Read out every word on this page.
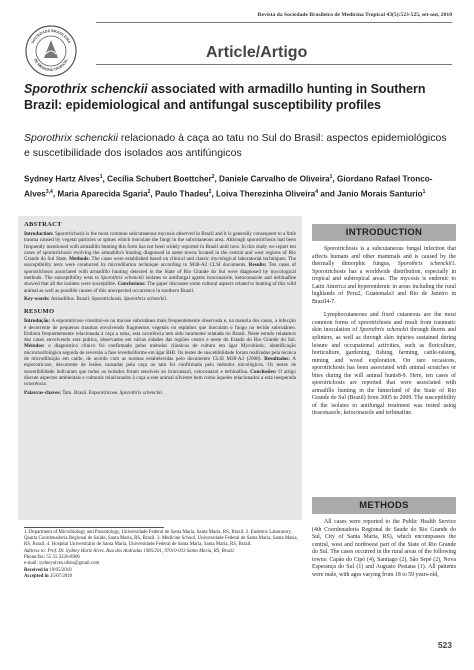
Revista da Sociedade Brasileira de Medicina Tropical 43(5):523-525, set-out, 2010
SOCIEDADE BRASILEIRA
DE MEDICINA TROPICAL	Article/Artigo
Sporothrix schenckii associated with armadillo hunting in Southern Brazil: epidemiological and antifungal susceptibility profiles
Sporothrix schenckii relacionado à caça ao tatu no Sul do Brasil: aspectos epidemiológicos e suscetibilidade dos isolados aos antifúngicos
Sydney Hartz Alves$^1$, Cecília Schubert Boettcher$^2$, Daniele Carvalho de Oliveira$^1$, Giordano Rafael Tronco-Alves$^{3,4}$, Maria Aparecida Sgaria$^2$, Paulo Thadeu$^2$, Loiva Therezinha Oliveira$^4$ and Janio Morais Santurio$^1$
ABSTRACT
Introduction: Sporotrichosis is the most common subcutaneous mycosis observed in Brazil and it is generally consequent to a little trauma caused by vegetal particles or spines which inoculate the fungi in the subcutaneous area. Although sporotrichosis had been frequently mentioned with armadillo hunting this form has not been widely reported in Brazil until now. In this study we report ten cases of sporotrichosis evolving the armadillo's hunting diagnosed in some towns located in the central and west regions of Rio Grande do Sul State. Methods: The cases were established based on clinical and classic mycological laboratorial techniques. The susceptibility tests were conducted by microdilution technique according to M38-A2 CLSI documents. Results: Ten cases of sporotrichosis associated with armadillo hunting detected in the State of Rio Grande do Sul were diagnosed by mycological methods. The susceptibility tests to Sporothrix schenckii isolates to antifungal agents itraconazole, ketoconazole and terbinafine showed that all the isolates were susceptible. Conclusions: The paper discusses some cultural aspects related to hunting of this wild animal as well as possible causes of this unexpected occurrence in southern Brazil.
Key-words: Armadillos. Brazil. Sporotrichosis. Sporothrix schenckii.
RESUMO
Introdução: A esporotricose constitui-se na micose subcutânea mais frequentemente observada e, na maioria dos casos, a infecção é decorrente de pequenos traumas envolvendo fragmentos vegetais ou espinhos que inoculam o fungo no tecido subcutâneo. Embora frequentemente relacionada à caça a tatus, esta ocorrência tem sido raramente relatada no Brasil. Neste estudo relatamos dez casos envolvendo esta prática, observados em várias cidades das regiões centro e oeste do Estado do Rio Grande do Sul. Métodos: o diagnóstico clínico foi confirmado pelos métodos clássicos de cultura em ágar Mycobiotic, identificação micromorfológica seguida de reversão a fase leveduriforme em ágar BHI. Os testes de suscetibilidade foram realizados pela técnica de microdiluição em caldo, de acordo com as normas estabelecidas pelo documento CLSI M38-A2 (2008). Resultados: A esporotricose, decorrente de lesões causadas pela caça ao tatu foi confirmada pelo métodos micológicos. Os testes de suscetibilidade indicaram que todos os isolados foram sensíveis ao itraconazol, cetoconazol e terbinafina. Conclusões: O artigo discute aspectos ambientais e culturais relacionados à caça a este animal silvestre bem como àqueles relacionados a esta inesperada ocorrência.
Palavras-chaves: Tatu. Brasil. Esporotricose. Sporothrix schenckii.
1. Department of Microbiology and Parasitology, Universidade Federal de Santa Maria, Santa Maria, RS, Brazil. 2. Endemic Laboratory, Quarta Coordenadoria Regional de Saúde, Santa Maria, RS, Brazil. 3. Medicine School, Universidade Federal de Santa Maria, Santa Maria, RS, Brazil. 4. Hospital Universitário de Santa Maria, Universidade Federal de Santa Maria, Santa Maria, RS, Brazil.
Address to: Prof. Dr. Sydney Hartz Alves. Rua dos Andradas 1985/201, 97010-033 Santa Maria, RS, Brazil.
Phone/fax: 55 55 3220-8906
e-mail: sydneyalves.ufsm@gmail.com
Received in 19/05/2010
Accepted in 15/07/2010
INTRODUCTION

Sporotrichosis is a subcutaneous fungal infection that affects humans and other mammals and is caused by the thermally dimorphic fungus, Sporothrix schenckii1. Sporotrichosis has a worldwide distribution, especially in tropical and subtropical areas. The mycosis is endemic to Latin America and hyperendemic in areas including the rural highlands of Peru2, Guatemala3 and Rio de Janeiro in Brazil4-7.

Lymphocutaneous and fixed cutaneous are the most common forms of sporotrichosis and result from traumatic skin inoculation of Sporothrix schenckii through thorns and splinters, as well as through skin injuries sustained during leisure and occupational activities, such as floriculture, horticulture, gardening, fishing, farming, cattle-raising, mining and wood exploration. On rare occasions, sporotrichosis has been associated with animal scratches or bites during the will animal hunts8-9. Here, ten cases of sporotrichosis are reported that were associated with armadillo hunting in the hinterland of the State of Rio Grande do Sul (Brazil) from 2005 to 2009. The susceptibility of the isolates to antifungal treatment was tested using itraconazole, ketoconazole and terbinafine.

METHODS

All cases were reported to the Public Health Service (4th Coordenadoria Regional de Saude do Rio Grande do Sul, City of Santa Maria, RS), which encompasses the central, west and northwest part of the State of Rio Grande do Sul. The cases occurred in the rural areas of the following towns: Capão do Cipó (4), Santiago (2), São Sepé (2), Nova Esperança do Sul (1) and Augusto Pestana (1). All patients were male, with ages varying from 18 to 59 years-old,

523
